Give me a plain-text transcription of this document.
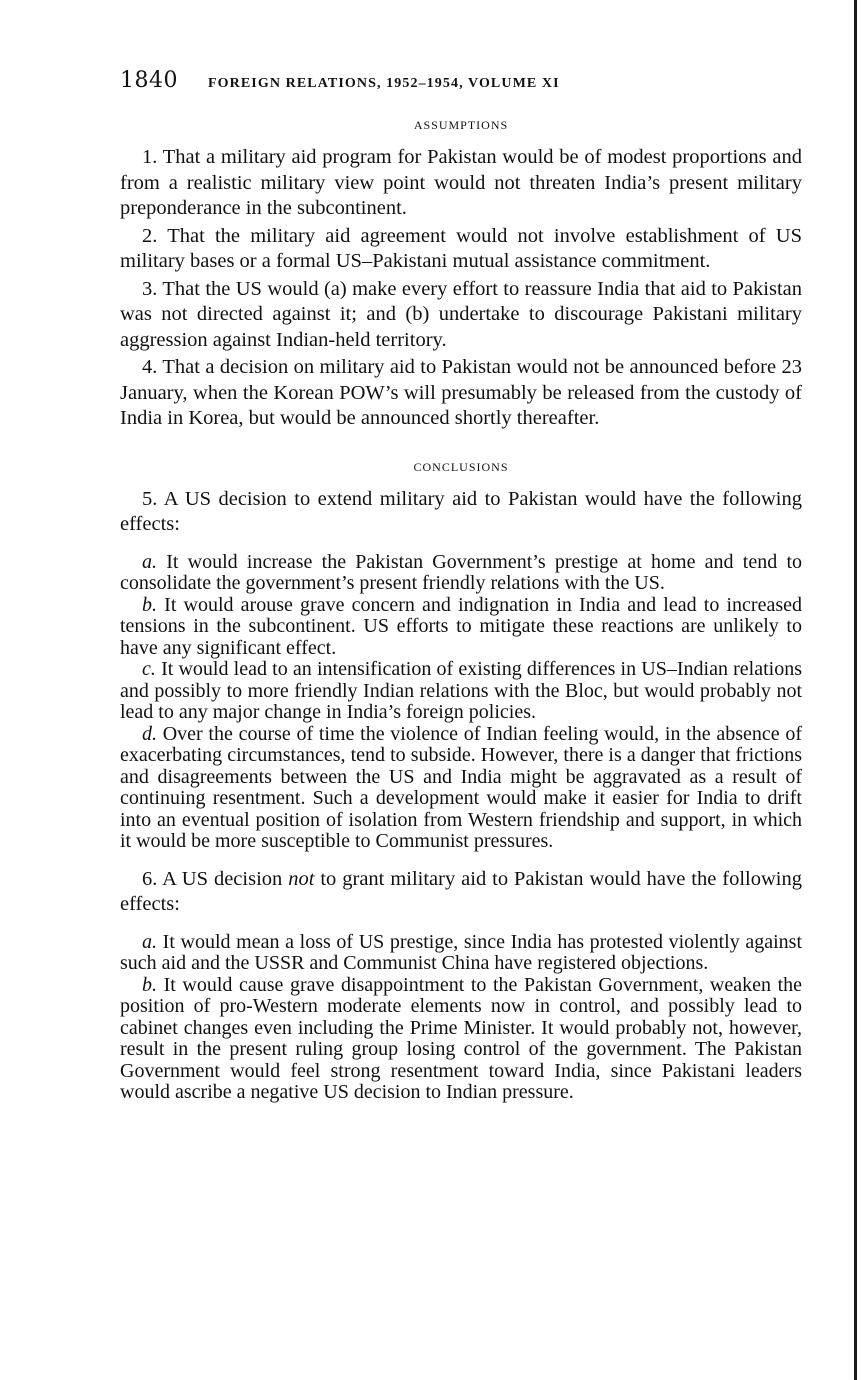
1840 FOREIGN RELATIONS, 1952–1954, VOLUME XI
ASSUMPTIONS

1. That a military aid program for Pakistan would be of modest proportions and from a realistic military view point would not threaten India’s present military preponderance in the subcontinent.

2. That the military aid agreement would not involve establishment of US military bases or a formal US–Pakistani mutual assistance commitment.

3. That the US would (a) make every effort to reassure India that aid to Pakistan was not directed against it; and (b) undertake to discourage Pakistani military aggression against Indian-held territory.

4. That a decision on military aid to Pakistan would not be announced before 23 January, when the Korean POW’s will presumably be released from the custody of India in Korea, but would be announced shortly thereafter.

CONCLUSIONS

5. A US decision to extend military aid to Pakistan would have the following effects:

a. It would increase the Pakistan Government’s prestige at home and tend to consolidate the government’s present friendly relations with the US.

b. It would arouse grave concern and indignation in India and lead to increased tensions in the subcontinent. US efforts to mitigate these reactions are unlikely to have any significant effect.

c. It would lead to an intensification of existing differences in US–Indian relations and possibly to more friendly Indian relations with the Bloc, but would probably not lead to any major change in India’s foreign policies.

d. Over the course of time the violence of Indian feeling would, in the absence of exacerbating circumstances, tend to subside. However, there is a danger that frictions and disagreements between the US and India might be aggravated as a result of continuing resentment. Such a development would make it easier for India to drift into an eventual position of isolation from Western friendship and support, in which it would be more susceptible to Communist pressures.

6. A US decision not to grant military aid to Pakistan would have the following effects:

a. It would mean a loss of US prestige, since India has protested violently against such aid and the USSR and Communist China have registered objections.

b. It would cause grave disappointment to the Pakistan Government, weaken the position of pro-Western moderate elements now in control, and possibly lead to cabinet changes even including the Prime Minister. It would probably not, however, result in the present ruling group losing control of the government. The Pakistan Government would feel strong resentment toward India, since Pakistani leaders would ascribe a negative US decision to Indian pressure.
